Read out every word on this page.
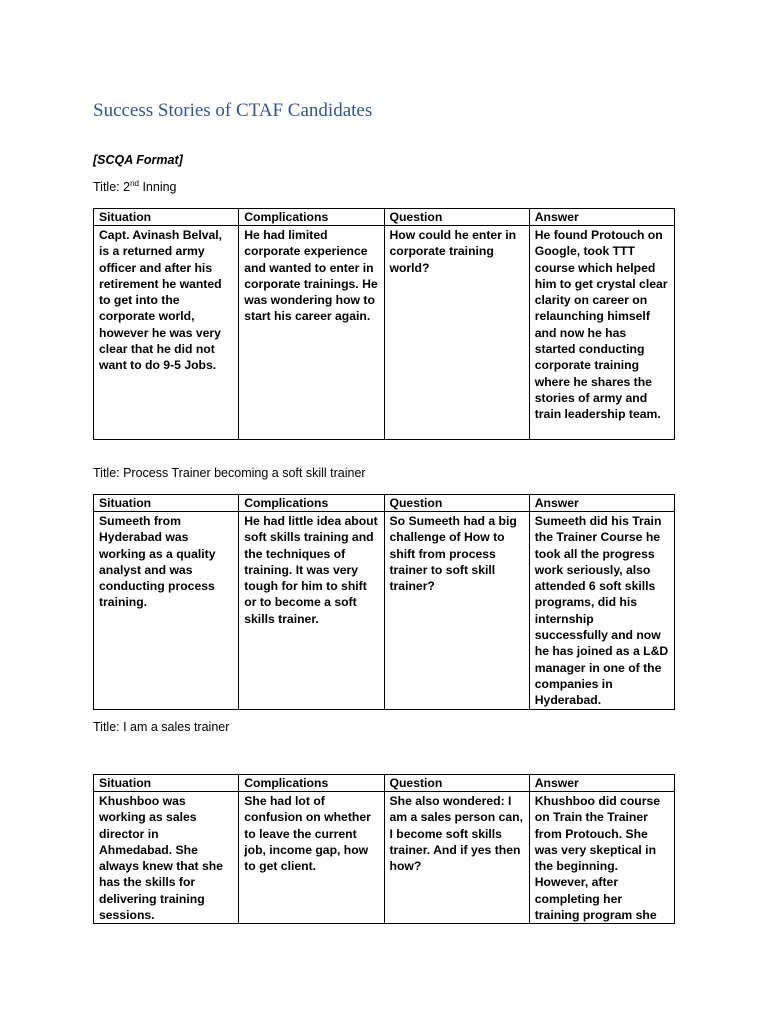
Success Stories of CTAF Candidates
[SCQA Format]
Title: 2nd Inning
Situation	Complications	Question	Answer
Capt. Avinash Belval, is a returned army officer and after his retirement he wanted to get into the corporate world, however he was very clear that he did not want to do 9-5 Jobs.	He had limited corporate experience and wanted to enter in corporate trainings. He was wondering how to start his career again.	How could he enter in corporate training world?	He found Protouch on Google, took TTT course which helped him to get crystal clear clarity on career on relaunching himself and now he has started conducting corporate training where he shares the stories of army and train leadership team.
Title: Process Trainer becoming a soft skill trainer
Situation	Complications	Question	Answer
Sumeeth from Hyderabad was working as a quality analyst and was conducting process training.	He had little idea about soft skills training and the techniques of training. It was very tough for him to shift or to become a soft skills trainer.	So Sumeeth had a big challenge of How to shift from process trainer to soft skill trainer?	Sumeeth did his Train the Trainer Course he took all the progress work seriously, also attended 6 soft skills programs, did his internship successfully and now he has joined as a L&D manager in one of the companies in Hyderabad.
Title: I am a sales trainer
Situation	Complications	Question	Answer
Khushboo was working as sales director in Ahmedabad. She always knew that she has the skills for delivering training sessions.	She had lot of confusion on whether to leave the current job, income gap, how to get client.	She also wondered: I am a sales person can, I become soft skills trainer. And if yes then how?	Khushboo did course on Train the Trainer from Protouch. She was very skeptical in the beginning. However, after completing her training program she
